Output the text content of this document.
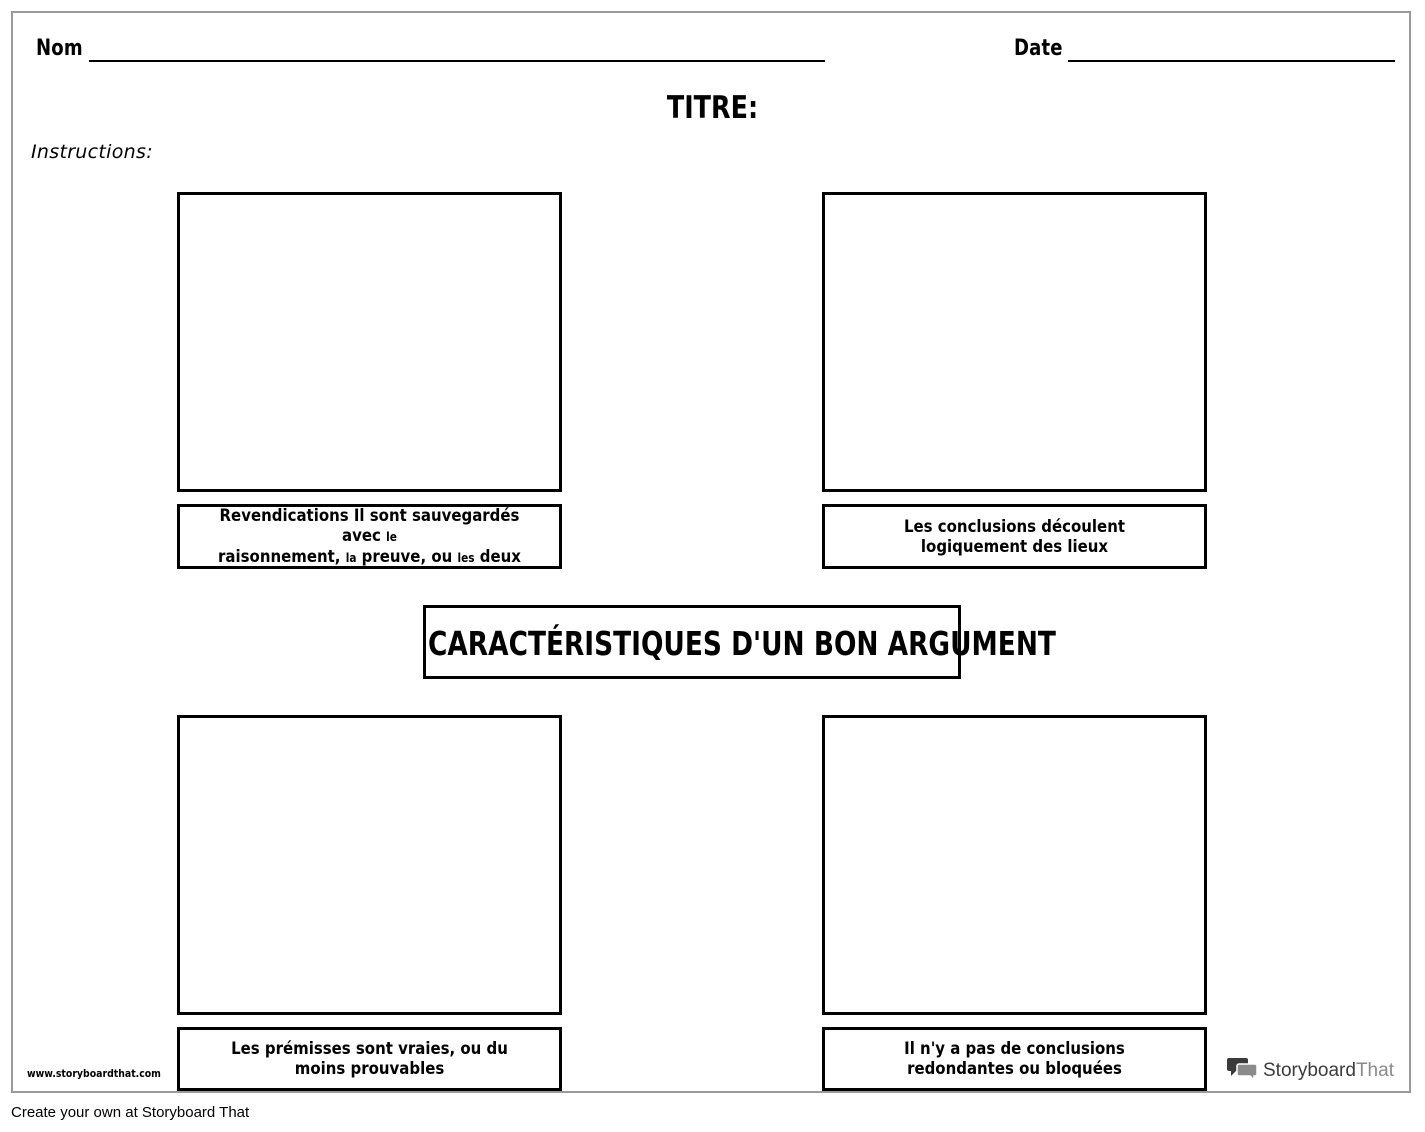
Nom	Date
TITRE:
Instructions:
Revendications Il sont sauvegardés avec le
raisonnement, la preuve, ou les deux
Les conclusions découlent logiquement des lieux
CARACTÉRISTIQUES D'UN BON ARGUMENT
Les prémisses sont vraies, ou du moins prouvables
Il n'y a pas de conclusions redondantes ou bloquées
www.storyboardthat.com	StoryboardThat
Create your own at Storyboard That
